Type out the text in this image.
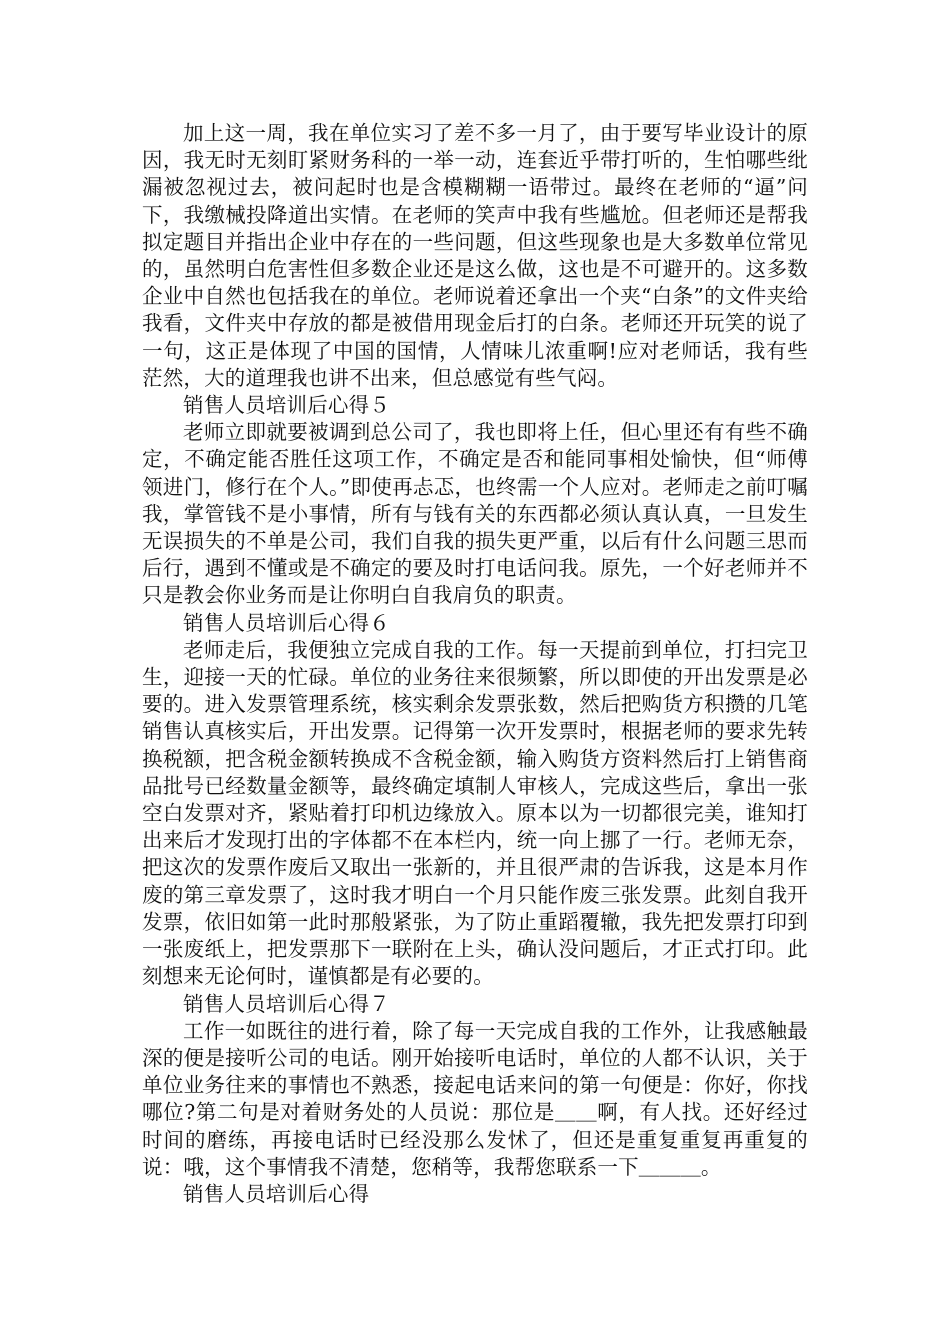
加上这一周，我在单位实习了差不多一月了，由于要写毕业设计的原因，我无时无刻盯紧财务科的一举一动，连套近乎带打听的，生怕哪些纰漏被忽视过去，被问起时也是含模糊糊一语带过。最终在老师的“逼”问下，我缴械投降道出实情。在老师的笑声中我有些尴尬。但老师还是帮我拟定题目并指出企业中存在的一些问题，但这些现象也是大多数单位常见的，虽然明白危害性但多数企业还是这么做，这也是不可避开的。这多数企业中自然也包括我在的单位。老师说着还拿出一个夹“白条”的文件夹给我看，文件夹中存放的都是被借用现金后打的白条。老师还开玩笑的说了一句，这正是体现了中国的国情，人情味儿浓重啊!应对老师话，我有些茫然，大的道理我也讲不出来，但总感觉有些气闷。

销售人员培训后心得５

老师立即就要被调到总公司了，我也即将上任，但心里还有有些不确定，不确定能否胜任这项工作，不确定是否和能同事相处愉快，但“师傅领进门，修行在个人。”即使再忐忑，也终需一个人应对。老师走之前叮嘱我，掌管钱不是小事情，所有与钱有关的东西都必须认真认真，一旦发生无误损失的不单是公司，我们自我的损失更严重，以后有什么问题三思而后行，遇到不懂或是不确定的要及时打电话问我。原先，一个好老师并不只是教会你业务而是让你明白自我肩负的职责。

销售人员培训后心得６

老师走后，我便独立完成自我的工作。每一天提前到单位，打扫完卫生，迎接一天的忙碌。单位的业务往来很频繁，所以即使的开出发票是必要的。进入发票管理系统，核实剩余发票张数，然后把购货方积攒的几笔销售认真核实后，开出发票。记得第一次开发票时，根据老师的要求先转换税额，把含税金额转换成不含税金额，输入购货方资料然后打上销售商品批号已经数量金额等，最终确定填制人审核人，完成这些后，拿出一张空白发票对齐，紧贴着打印机边缘放入。原本以为一切都很完美，谁知打出来后才发现打出的字体都不在本栏内，统一向上挪了一行。老师无奈，把这次的发票作废后又取出一张新的，并且很严肃的告诉我，这是本月作废的第三章发票了，这时我才明白一个月只能作废三张发票。此刻自我开发票，依旧如第一此时那般紧张，为了防止重蹈覆辙，我先把发票打印到一张废纸上，把发票那下一联附在上头，确认没问题后，才正式打印。此刻想来无论何时，谨慎都是有必要的。

销售人员培训后心得７

工作一如既往的进行着，除了每一天完成自我的工作外，让我感触最深的便是接听公司的电话。刚开始接听电话时，单位的人都不认识，关于单位业务往来的事情也不熟悉，接起电话来问的第一句便是：你好，你找哪位?第二句是对着财务处的人员说：那位是＿＿啊，有人找。还好经过时间的磨练，再接电话时已经没那么发怵了，但还是重复重复再重复的说：哦，这个事情我不清楚，您稍等，我帮您联系一下＿＿＿。

销售人员培训后心得
